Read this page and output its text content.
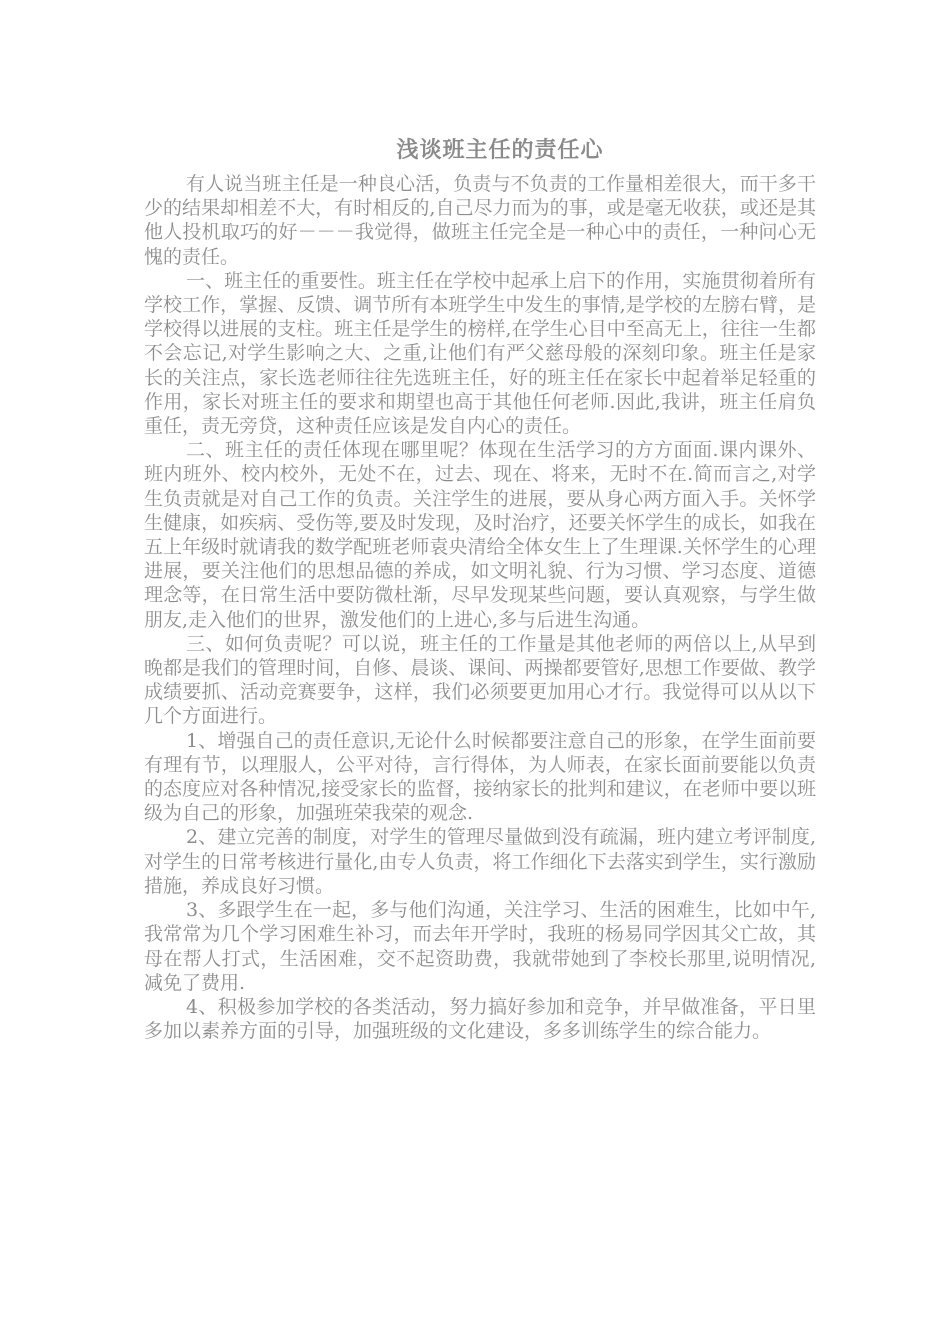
浅谈班主任的责任心

有人说当班主任是一种良心活，负责与不负责的工作量相差很大，而干多干少的结果却相差不大，有时相反的,自己尽力而为的事，或是毫无收获，或还是其他人投机取巧的好－－－我觉得，做班主任完全是一种心中的责任，一种问心无愧的责任。

一、班主任的重要性。班主任在学校中起承上启下的作用，实施贯彻着所有学校工作，掌握、反馈、调节所有本班学生中发生的事情,是学校的左膀右臂，是学校得以进展的支柱。班主任是学生的榜样,在学生心目中至高无上，往往一生都不会忘记,对学生影响之大、之重,让他们有严父慈母般的深刻印象。班主任是家长的关注点，家长选老师往往先选班主任，好的班主任在家长中起着举足轻重的作用，家长对班主任的要求和期望也高于其他任何老师.因此,我讲，班主任肩负重任，责无旁贷，这种责任应该是发自内心的责任。

二、班主任的责任体现在哪里呢？体现在生活学习的方方面面.课内课外、班内班外、校内校外，无处不在，过去、现在、将来，无时不在.简而言之,对学生负责就是对自己工作的负责。关注学生的进展，要从身心两方面入手。关怀学生健康，如疾病、受伤等,要及时发现，及时治疗，还要关怀学生的成长，如我在五上年级时就请我的数学配班老师袁央清给全体女生上了生理课.关怀学生的心理进展，要关注他们的思想品德的养成，如文明礼貌、行为习惯、学习态度、道德理念等，在日常生活中要防微杜渐，尽早发现某些问题，要认真观察，与学生做朋友,走入他们的世界，激发他们的上进心,多与后进生沟通。

三、如何负责呢？可以说，班主任的工作量是其他老师的两倍以上,从早到晚都是我们的管理时间，自修、晨谈、课间、两操都要管好,思想工作要做、教学成绩要抓、活动竞赛要争，这样，我们必须要更加用心才行。我觉得可以从以下几个方面进行。

1、增强自己的责任意识,无论什么时候都要注意自己的形象，在学生面前要有理有节，以理服人，公平对待，言行得体，为人师表，在家长面前要能以负责的态度应对各种情况,接受家长的监督，接纳家长的批判和建议，在老师中要以班级为自己的形象，加强班荣我荣的观念.

2、建立完善的制度，对学生的管理尽量做到没有疏漏，班内建立考评制度,对学生的日常考核进行量化,由专人负责，将工作细化下去落实到学生，实行激励措施，养成良好习惯。

3、多跟学生在一起，多与他们沟通，关注学习、生活的困难生，比如中午,我常常为几个学习困难生补习，而去年开学时，我班的杨易同学因其父亡故，其母在帮人打式，生活困难，交不起资助费，我就带她到了李校长那里,说明情况,减免了费用.

4、积极参加学校的各类活动，努力搞好参加和竞争，并早做准备，平日里多加以素养方面的引导，加强班级的文化建设，多多训练学生的综合能力。
